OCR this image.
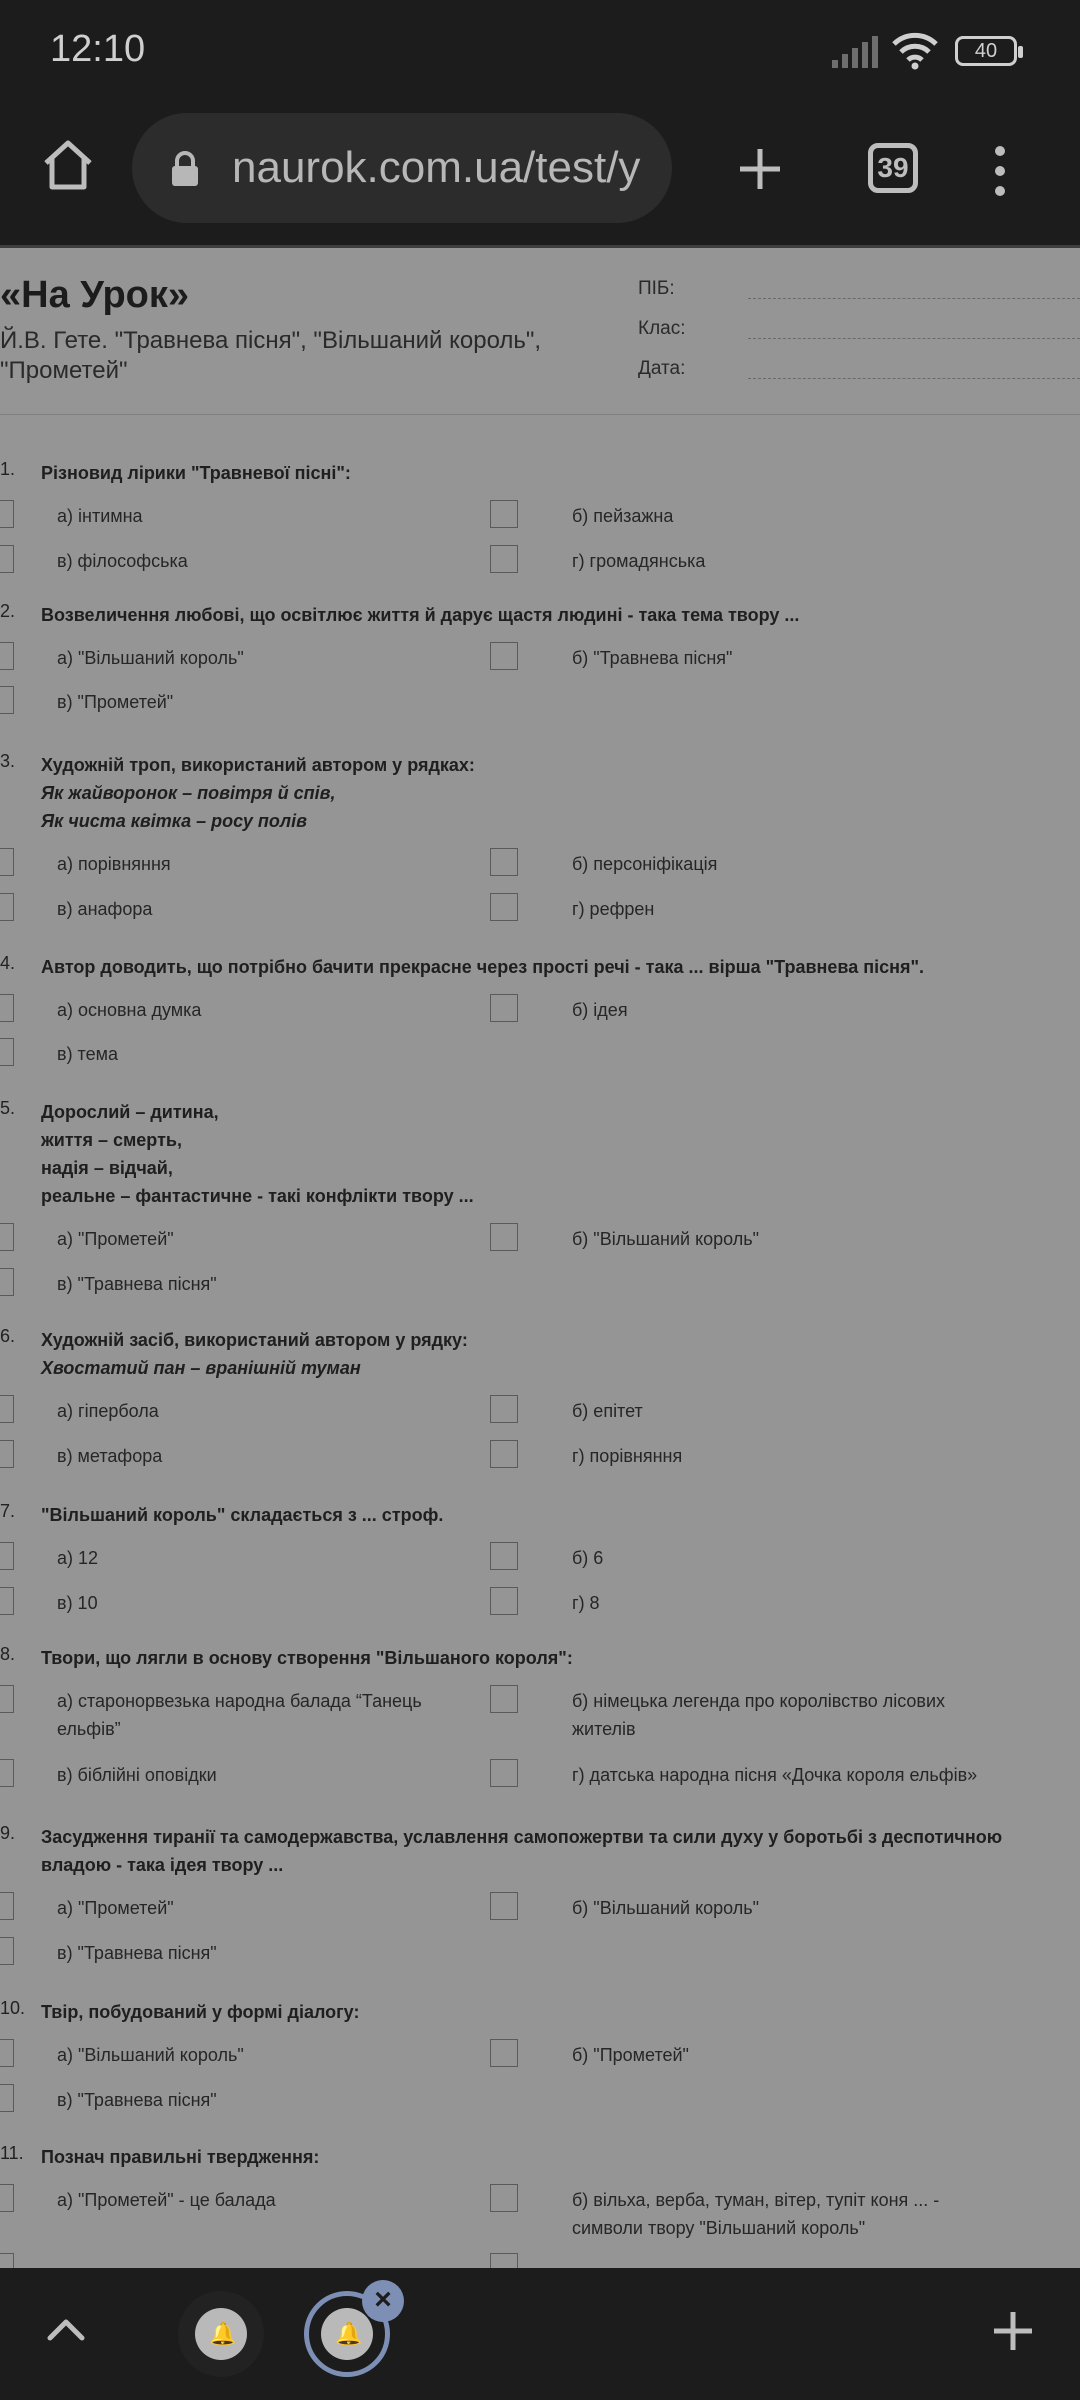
12:10	40
naurok.com.ua/test/y	39
«На Урок»
Й.В. Гете. "Травнева пісня", "Вільшаний король", "Прометей"
ПІБ:
Клас:
Дата:
1. Різновид лірики "Травневої пісні":
а) інтимна	б) пейзажна
в) філософська	г) громадянська
2. Возвеличення любові, що освітлює життя й дарує щастя людині - така тема твору ...
а) "Вільшаний король"	б) "Травнева пісня"
в) "Прометей"
3. Художній троп, використаний автором у рядках:
Як жайворонок – повітря й спів,
Як чиста квітка – росу полів
а) порівняння	б) персоніфікація
в) анафора	г) рефрен
4. Автор доводить, що потрібно бачити прекрасне через прості речі - така ... вірша "Травнева пісня".
а) основна думка	б) ідея
в) тема
5. Дорослий – дитина,
життя – смерть,
надія – відчай,
реальне – фантастичне - такі конфлікти твору ...
а) "Прометей"	б) "Вільшаний король"
в) "Травнева пісня"
6. Художній засіб, використаний автором у рядку:
Хвостатий пан – вранішній туман
а) гіпербола	б) епітет
в) метафора	г) порівняння
7. "Вільшаний король" складається з ... строф.
а) 12	б) 6
в) 10	г) 8
8. Твори, що лягли в основу створення "Вільшаного короля":
а) старонорвезька народна балада “Танець ельфів”
б) німецька легенда про королівство лісових жителів
в) біблійні оповідки	г) датська народна пісня «Дочка короля ельфів»
9. Засудження тиранії та самодержавства, уславлення самопожертви та сили духу у боротьбі з деспотичною владою - така ідея твору ...
а) "Прометей"	б) "Вільшаний король"
в) "Травнева пісня"
10. Твір, побудований у формі діалогу:
а) "Вільшаний король"	б) "Прометей"
в) "Травнева пісня"
11. Познач правильні твердження:
а) "Прометей" - це балада	б) вільха, верба, туман, вітер, тупіт коня ... - символи твору "Вільшаний король"
🔔	🔔
×
